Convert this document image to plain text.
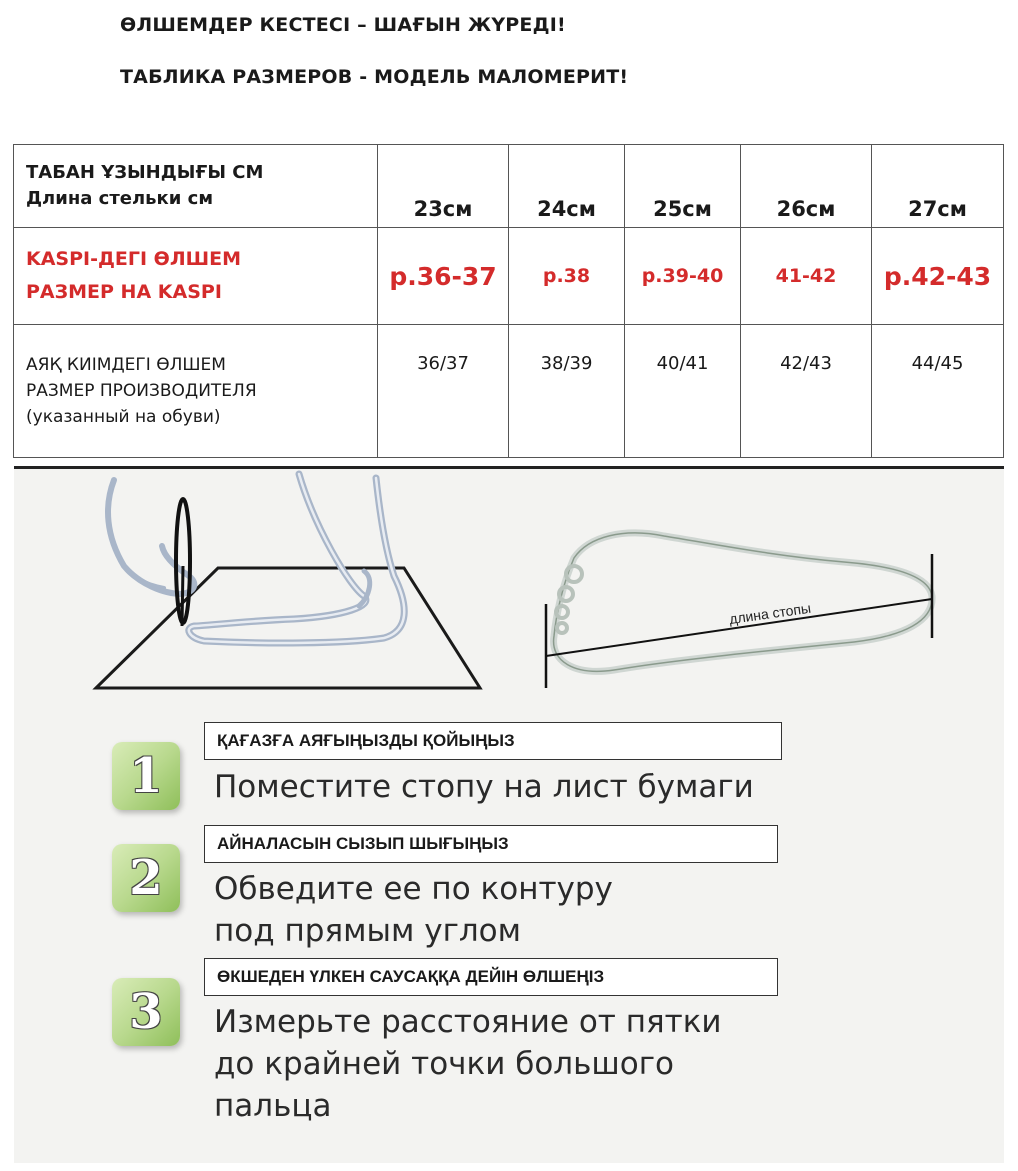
ӨЛШЕМДЕР КЕСТЕСІ – ШАҒЫН ЖҮРЕДІ!
ТАБЛИКА РАЗМЕРОВ - МОДЕЛЬ МАЛОМЕРИТ!
ТАБАН ҰЗЫНДЫҒЫ СМ
Длина стельки см	23см	24см	25см	26см	27см

KASPI-ДЕГІ ӨЛШЕМ
РАЗМЕР НА KASPI	р.36-37	р.38	р.39-40	41-42	р.42-43

АЯҚ КИІМДЕГІ ӨЛШЕМ
РАЗМЕР ПРОИЗВОДИТЕЛЯ
(указанный на обуви)	36/37	38/39	40/41	42/43	44/45
длина стопы
1
ҚАҒАЗҒА АЯҒЫҢЫЗДЫ ҚОЙЫҢЫЗ

Поместите стопу на лист бумаги

2
АЙНАЛАСЫН СЫЗЫП ШЫҒЫҢЫЗ

Обведите ее по контуру
под прямым углом

3
ӨКШЕДЕН ҮЛКЕН САУСАҚҚА ДЕЙІН ӨЛШЕҢІЗ

Измерьте расстояние от пятки
до крайней точки большого
пальца
